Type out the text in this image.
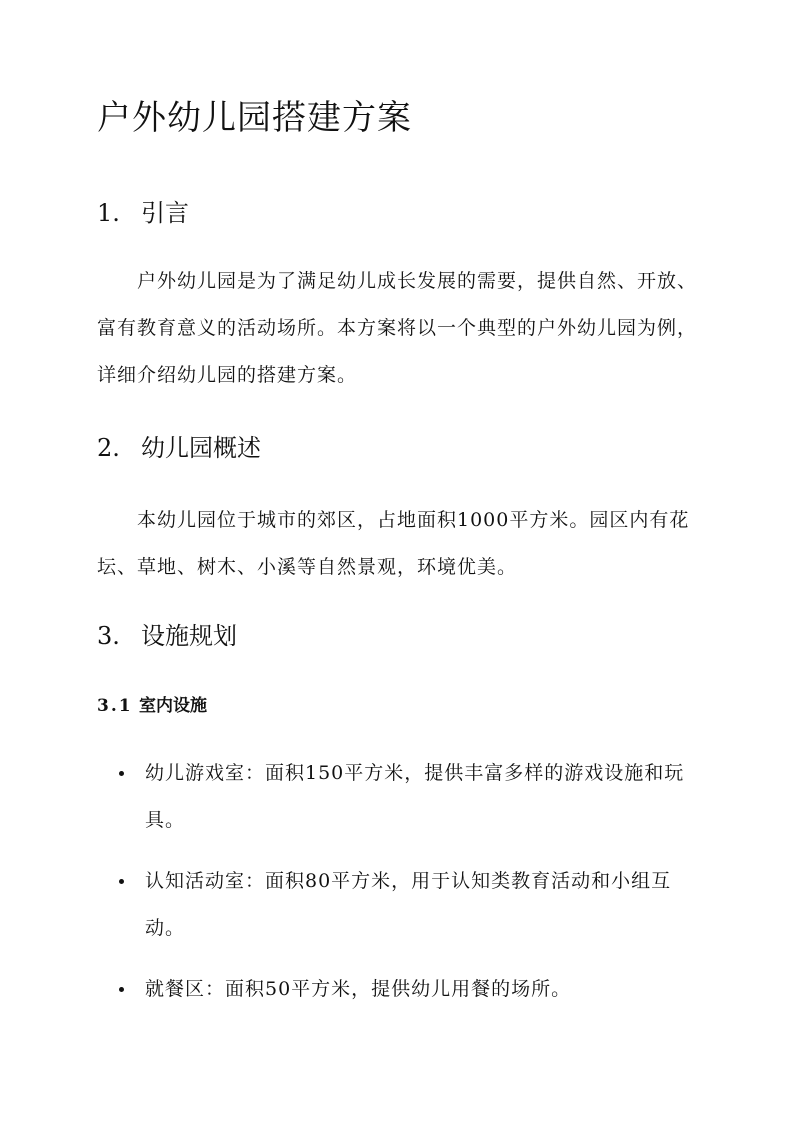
户外幼儿园搭建方案
1. 引言

户外幼儿园是为了满足幼儿成长发展的需要，提供自然、开放、富有教育意义的活动场所。本方案将以一个典型的户外幼儿园为例，详细介绍幼儿园的搭建方案。

2. 幼儿园概述

本幼儿园位于城市的郊区，占地面积1000平方米。园区内有花坛、草地、树木、小溪等自然景观，环境优美。

3. 设施规划
3.1 室内设施
幼儿游戏室：面积150平方米，提供丰富多样的游戏设施和玩具。
认知活动室：面积80平方米，用于认知类教育活动和小组互动。
就餐区：面积50平方米，提供幼儿用餐的场所。
